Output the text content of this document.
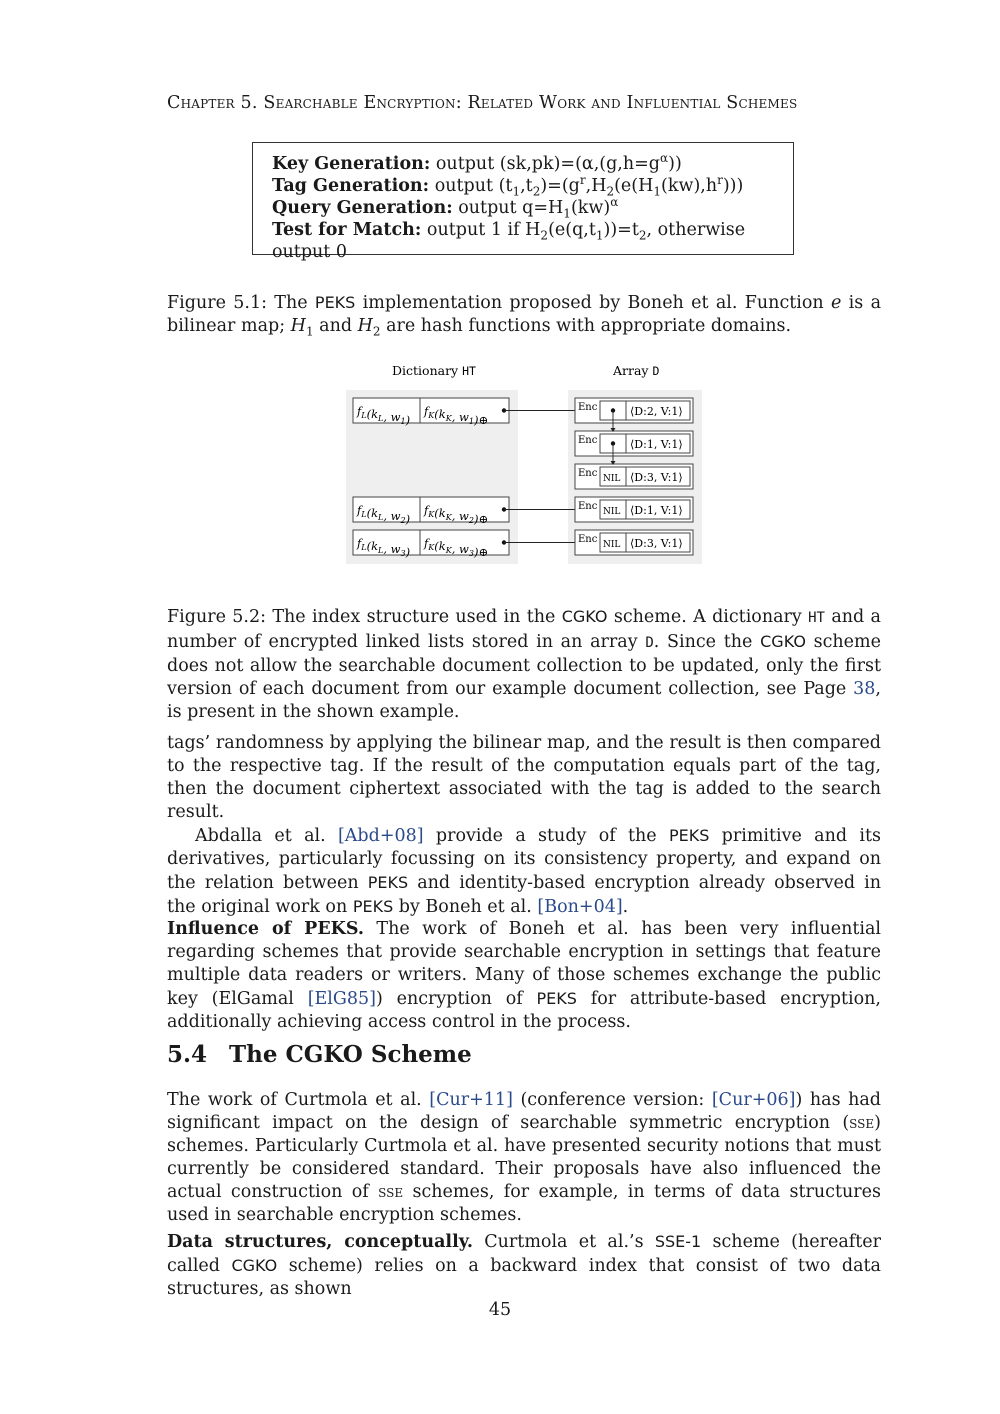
Chapter 5. Searchable Encryption: Related Work and Influential Schemes
Key Generation: output $(sk,pk)=(\alpha,(g,h=g^\alpha))$
Tag Generation: output $(t_1,t_2)=(g^r,H_2(e(H_1(kw),h^r)))$
Query Generation: output $q=H_1(kw)^\alpha$
Test for Match: output 1 if $H_2(e(q,t_1))=t_2$, otherwise output 0
Figure 5.1: The PEKS implementation proposed by Boneh et al. Function e is a bilinear map; $H_1$ and $H_2$ are hash functions with appropriate domains.
Dictionary HT	Array D
$f_L(k_L$, $w_1$)
$f_K(k_K$, $w_1)\oplus$
$f_L(k_L$, $w_2$)
$f_K(k_K$, $w_2)\oplus$
$f_L(k_L$, $w_3$)
$f_K(k_K$, $w_3)\oplus$
Enc	⟨D:2, V:1⟩
Enc	⟨D:1, V:1⟩
Enc NIL ⟨D:3, V:1⟩
Enc NIL ⟨D:1, V:1⟩
Enc NIL ⟨D:3, V:1⟩
Figure 5.2: The index structure used in the CGKO scheme. A dictionary HT and a number of encrypted linked lists stored in an array D. Since the CGKO scheme does not allow the searchable document collection to be updated, only the first version of each document from our example document collection, see Page 38, is present in the shown example.
tags’ randomness by applying the bilinear map, and the result is then compared to the respective tag. If the result of the computation equals part of the tag, then the document ciphertext associated with the tag is added to the search result.
Abdalla et al. [Abd+08] provide a study of the PEKS primitive and its derivatives, particularly focussing on its consistency property, and expand on the relation between PEKS and identity-based encryption already observed in the original work on PEKS by Boneh et al. [Bon+04].
Influence of PEKS. The work of Boneh et al. has been very influential regarding schemes that provide searchable encryption in settings that feature multiple data readers or writers. Many of those schemes exchange the public key (ElGamal [ElG85]) encryption of PEKS for attribute-based encryption, additionally achieving access control in the process.
5.4 The CGKO Scheme
The work of Curtmola et al. [Cur+11] (conference version: [Cur+06]) has had significant impact on the design of searchable symmetric encryption (sse) schemes. Particularly Curtmola et al. have presented security notions that must currently be considered standard. Their proposals have also influenced the actual construction of sse schemes, for example, in terms of data structures used in searchable encryption schemes.
Data structures, conceptually. Curtmola et al.’s SSE-1 scheme (hereafter called CGKO scheme) relies on a backward index that consist of two data structures, as shown
45
